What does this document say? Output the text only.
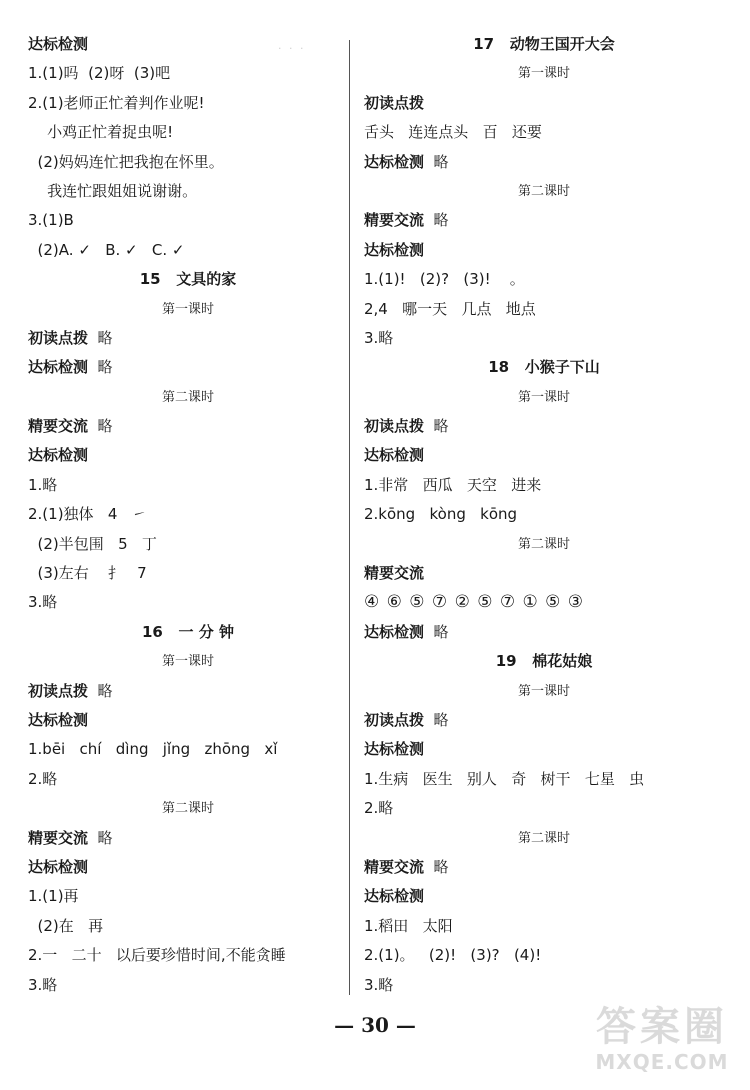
· · ·
达标检测
1.(1)吗  (2)呀  (3)吧
2.(1)老师正忙着判作业呢!
小鸡正忙着捉虫呢!
(2)妈妈连忙把我抱在怀里。
我连忙跟姐姐说谢谢。
3.(1)B
(2)A. ✓   B. ✓   C. ✓
15   文具的家
第一课时
初读点拨  略
达标检测  略
第二课时
精要交流  略
达标检测
1.略
2.(1)独体   4   ㇀
(2)半包围   5   丁
(3)左右    扌   7
3.略
16   一 分 钟
第一课时
初读点拨  略
达标检测
1.bēi   chí   dìng   jǐng   zhōng   xǐ
2.略
第二课时
精要交流  略
达标检测
1.(1)再
(2)在   再
2.一   二十   以后要珍惜时间,不能贪睡
3.略
17   动物王国开大会
第一课时
初读点拨
舌头   连连点头   百   还要
达标检测  略
第二课时
精要交流  略
达标检测
1.(1)!   (2)?   (3)!    。
2,4   哪一天   几点   地点
3.略
18   小猴子下山
第一课时
初读点拨  略
达标检测
1.非常   西瓜   天空   进来
2.kōng   kòng   kōng
第二课时
精要交流
④ ⑥ ⑤ ⑦ ② ⑤ ⑦ ① ⑤ ③
达标检测  略
19   棉花姑娘
第一课时
初读点拨  略
达标检测
1.生病   医生   别人   奇   树干   七星   虫
2.略
第二课时
精要交流  略
达标检测
1.稻田   太阳
2.(1)。   (2)!   (3)?   (4)!
3.略
— 30 —	答案圈
MXQE.COM
